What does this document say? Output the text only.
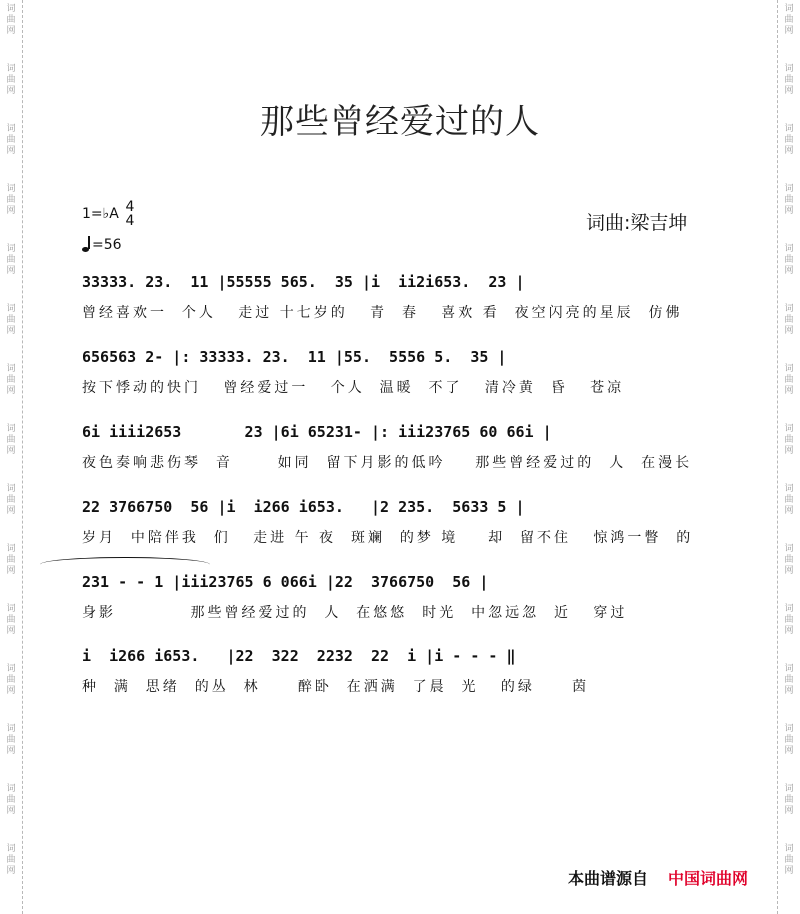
词
曲
网
词
曲
网
词
曲
网
词
曲
网
词
曲
网
词
曲
网
词
曲
网
词
曲
网
词
曲
网
词
曲
网
词
曲
网
词
曲
网
词
曲
网
词
曲
网
词
曲
网
词
曲
网
词
曲
网
词
曲
网
词
曲
网
词
曲
网
词
曲
网
词
曲
网
词
曲
网
词
曲
网
词
曲
网
词
曲
网
词
曲
网
词
曲
网
词
曲
网
词
曲
网
那些曾经爱过的人
1=♭A 4
4
=56
词曲:梁吉坤
33333. 23.  11 |55555 565.  35 |i  ii2i653.  23 |
曾经喜欢一  个人   走过 十七岁的   青  春   喜欢 看  夜空闪亮的星辰  仿佛
656563 2- |: 33333. 23.  11 |55.  5556 5.  35 |
按下悸动的快门   曾经爱过一   个人  温暖  不了   清冷黄  昏   苍凉
6i iiii2653       23 |6i 65231- |: iii23765 60 66i |
夜色奏响悲伤琴  音      如同  留下月影的低吟    那些曾经爱过的  人  在漫长
22 3766750  56 |i  i266 i653.   |2 235.  5633 5 |
岁月  中陪伴我  们   走进 午 夜  斑斓  的梦 境    却  留不住   惊鸿一瞥  的
231 - - 1 |iii23765 6 066i |22  3766750  56 |
身影          那些曾经爱过的  人  在悠悠  时光  中忽远忽  近   穿过
i  i266 i653.   |22  322  2232  22  i |i - - - ‖
种  满  思绪  的丛  林     醉卧  在洒满  了晨  光   的绿     茵
本曲谱源自 中国词曲网
